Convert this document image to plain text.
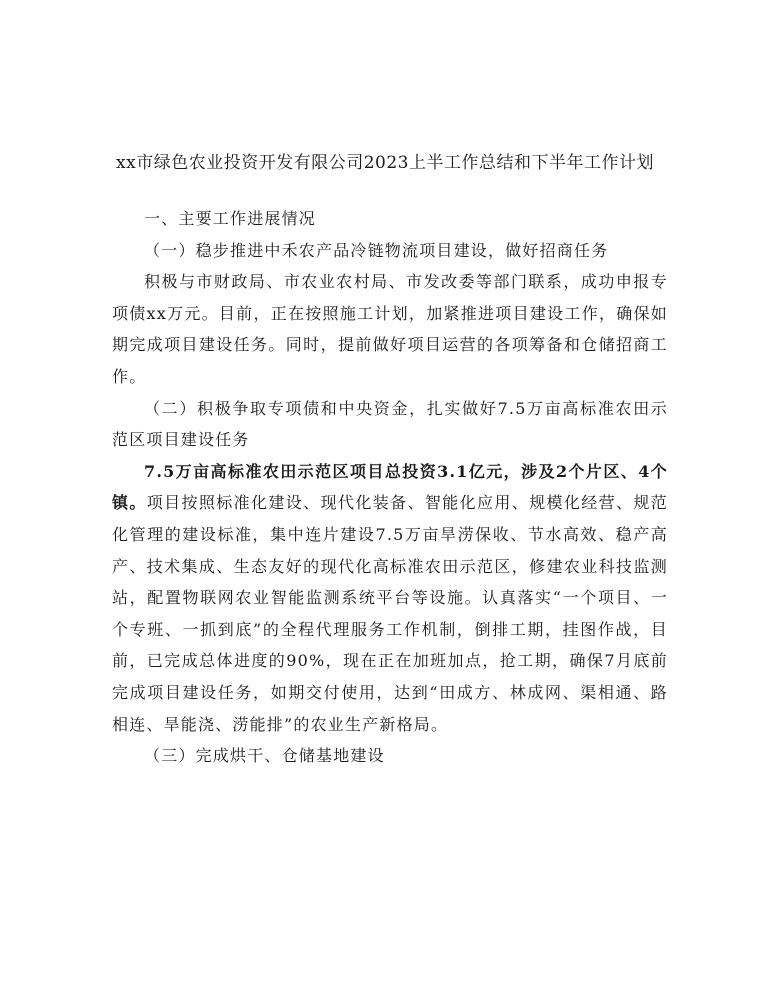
xx市绿色农业投资开发有限公司2023上半工作总结和下半年工作计划
一、主要工作进展情况

（一）稳步推进中禾农产品冷链物流项目建设，做好招商任务

积极与市财政局、市农业农村局、市发改委等部门联系，成功申报专项债xx万元。目前，正在按照施工计划，加紧推进项目建设工作，确保如期完成项目建设任务。同时，提前做好项目运营的各项筹备和仓储招商工作。

（二）积极争取专项债和中央资金，扎实做好7.5万亩高标准农田示范区项目建设任务

7.5万亩高标准农田示范区项目总投资3.1亿元，涉及2个片区、4个镇。项目按照标准化建设、现代化装备、智能化应用、规模化经营、规范化管理的建设标准，集中连片建设7.5万亩旱涝保收、节水高效、稳产高产、技术集成、生态友好的现代化高标准农田示范区，修建农业科技监测站，配置物联网农业智能监测系统平台等设施。认真落实“一个项目、一个专班、一抓到底”的全程代理服务工作机制，倒排工期，挂图作战，目前，已完成总体进度的90%，现在正在加班加点，抢工期，确保7月底前完成项目建设任务，如期交付使用，达到“田成方、林成网、渠相通、路相连、旱能浇、涝能排”的农业生产新格局。

（三）完成烘干、仓储基地建设
